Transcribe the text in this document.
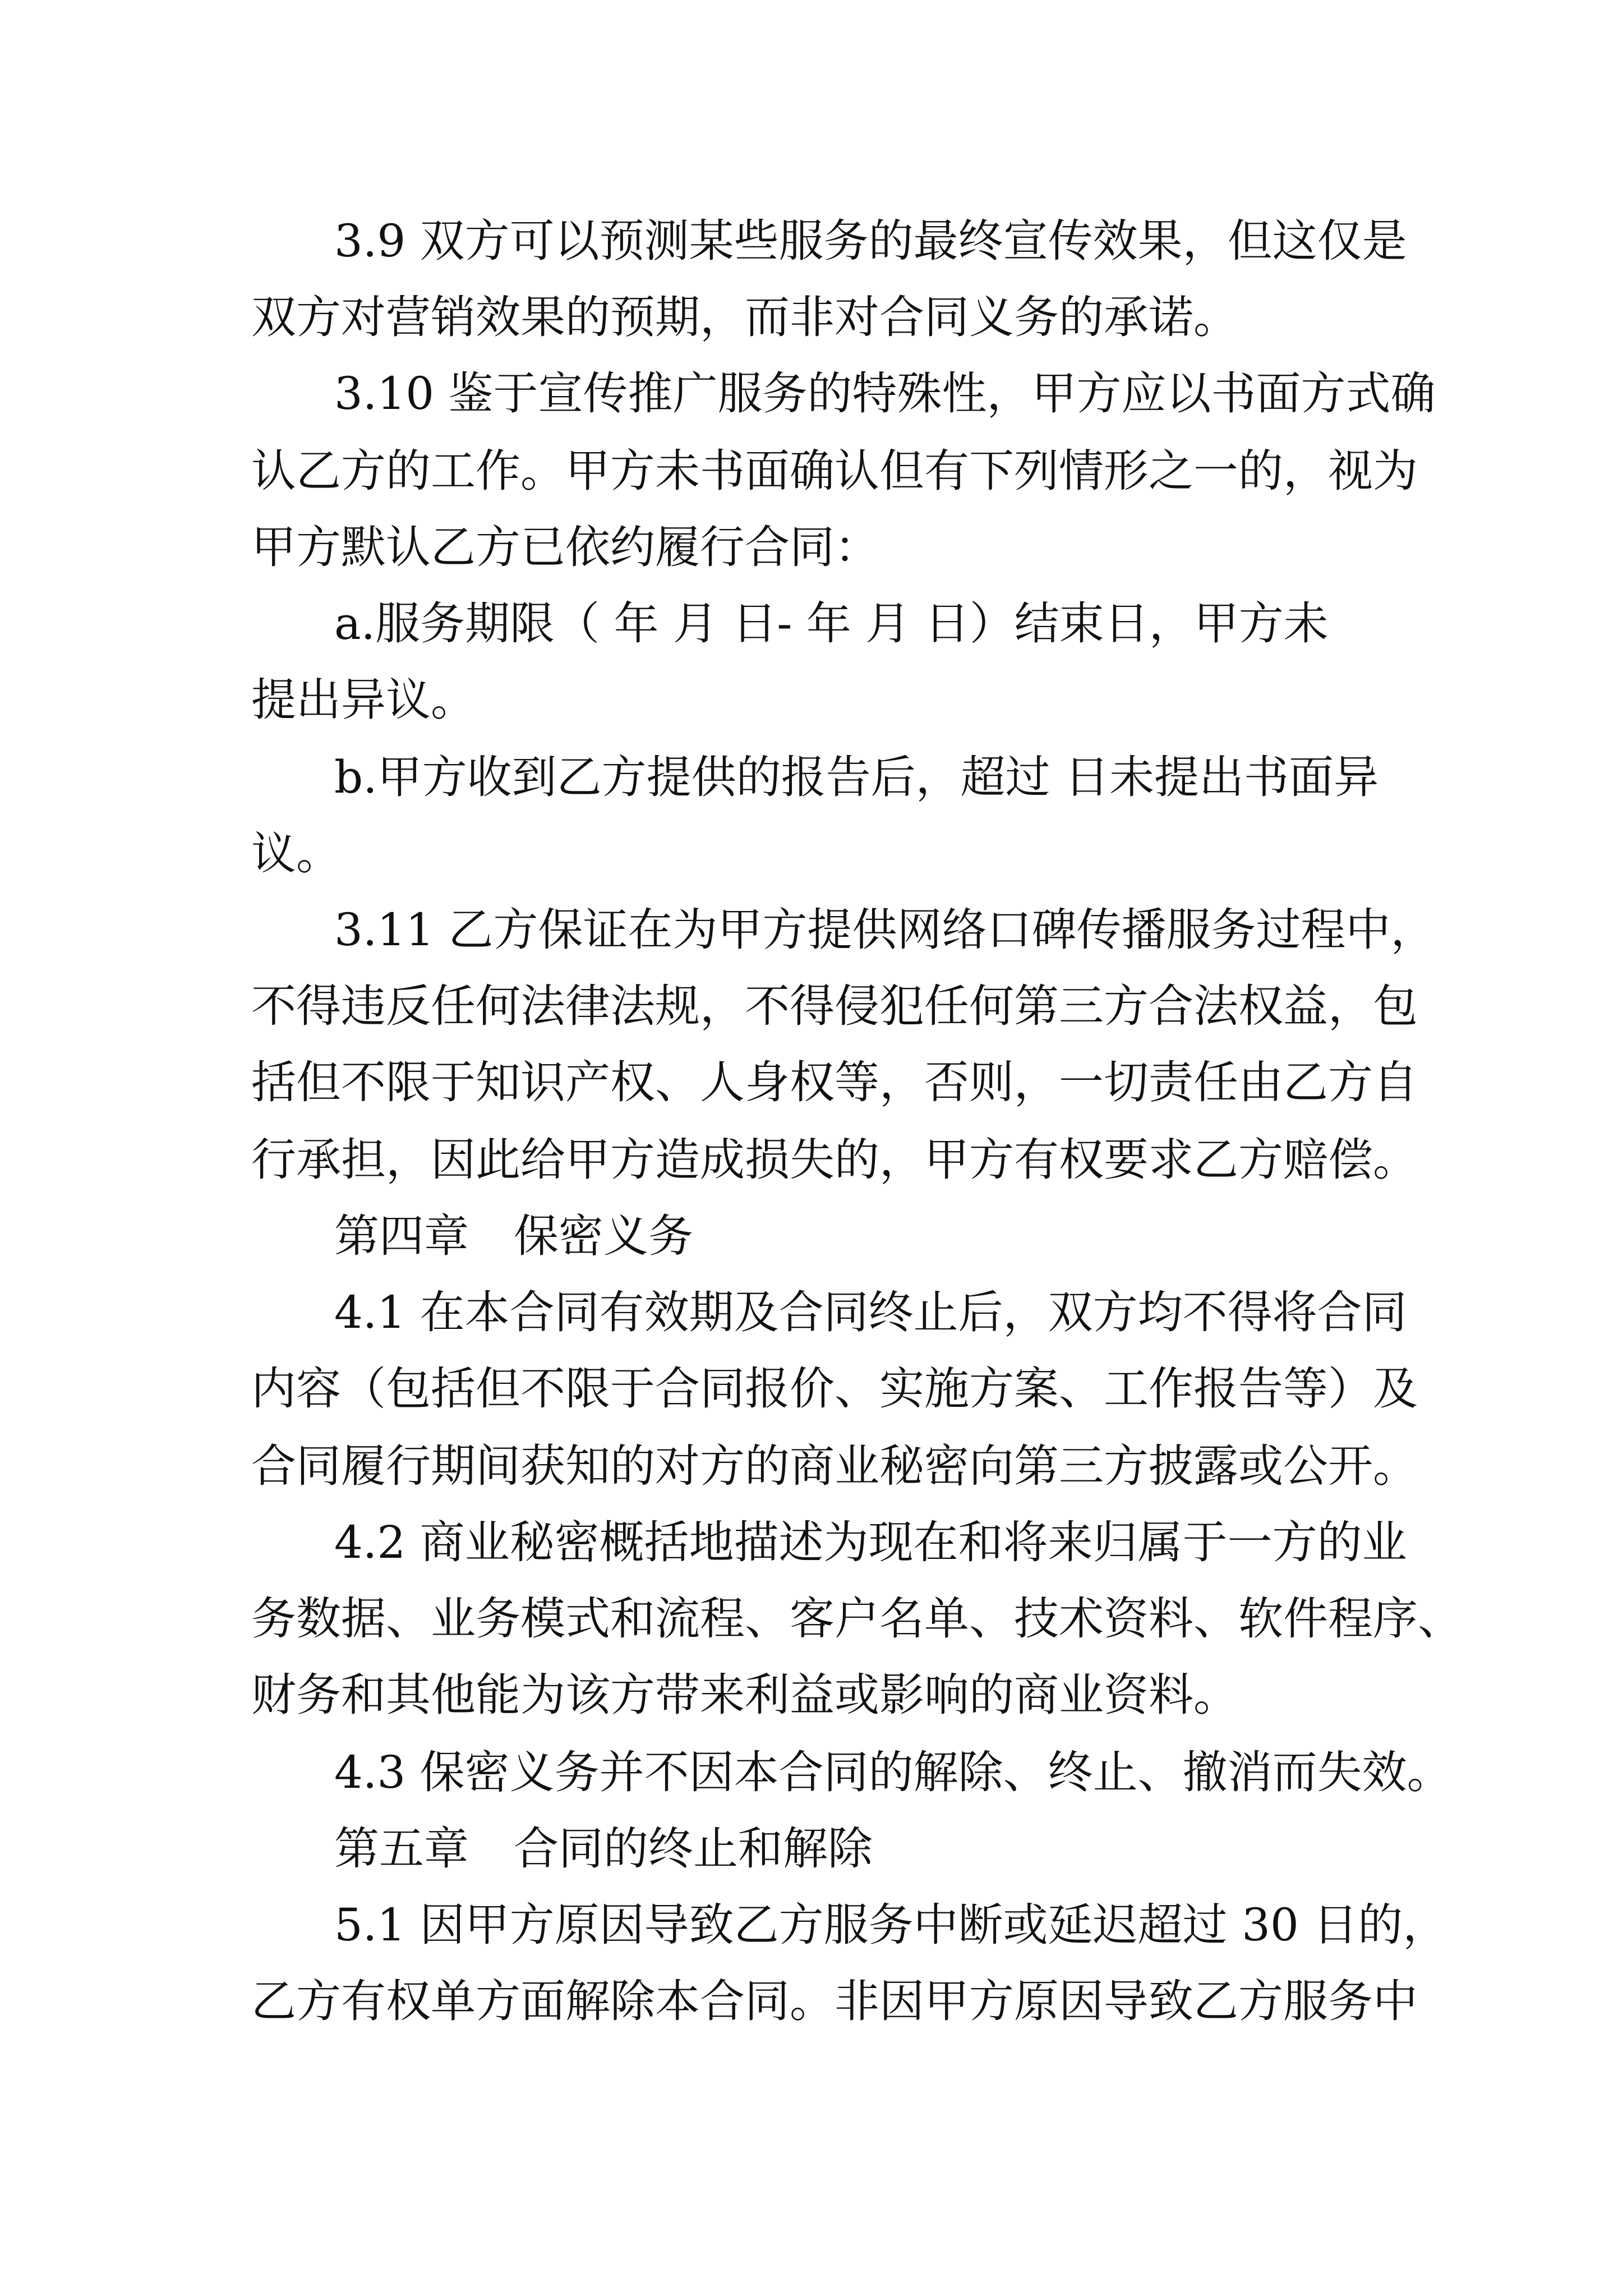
3.9 双方可以预测某些服务的最终宣传效果，但这仅是

双方对营销效果的预期，而非对合同义务的承诺。

3.10 鉴于宣传推广服务的特殊性，甲方应以书面方式确

认乙方的工作。甲方未书面确认但有下列情形之一的，视为

甲方默认乙方已依约履行合同：

a.服务期限（ 年 月 日- 年 月 日）结束日，甲方未

提出异议。

b.甲方收到乙方提供的报告后，超过 日未提出书面异

议。

3.11 乙方保证在为甲方提供网络口碑传播服务过程中，

不得违反任何法律法规，不得侵犯任何第三方合法权益，包

括但不限于知识产权、人身权等，否则，一切责任由乙方自

行承担，因此给甲方造成损失的，甲方有权要求乙方赔偿。

第四章　保密义务

4.1 在本合同有效期及合同终止后，双方均不得将合同

内容（包括但不限于合同报价、实施方案、工作报告等）及

合同履行期间获知的对方的商业秘密向第三方披露或公开。

4.2 商业秘密概括地描述为现在和将来归属于一方的业

务数据、业务模式和流程、客户名单、技术资料、软件程序、

财务和其他能为该方带来利益或影响的商业资料。

4.3 保密义务并不因本合同的解除、终止、撤消而失效。

第五章　合同的终止和解除

5.1 因甲方原因导致乙方服务中断或延迟超过 30 日的，

乙方有权单方面解除本合同。非因甲方原因导致乙方服务中
